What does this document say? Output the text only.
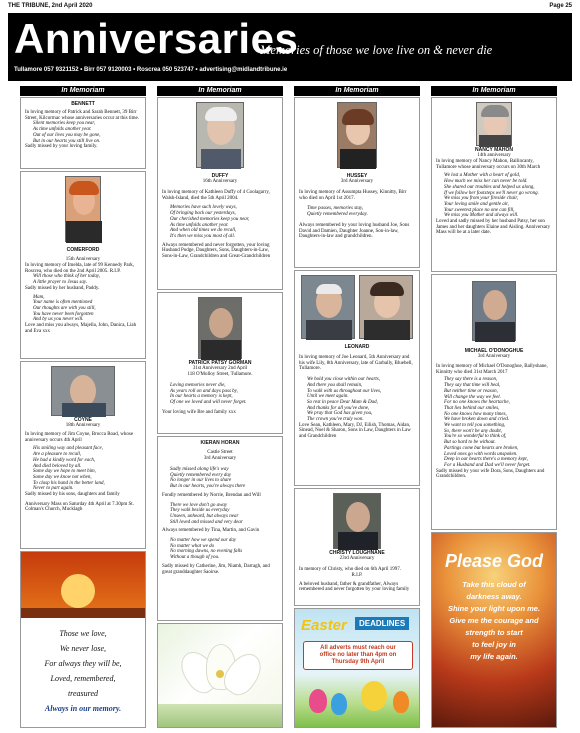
THE TRIBUNE, 2nd April 2020	Page 25
Anniversaries
Memories of those we love live on & never die
Tullamore 057 9321152 • Birr 057 9120003 • Roscrea 050 523747 • advertising@midlandtribune.ie
In Memoriam	In Memoriam	In Memoriam	In Memoriam
BENNETT
In loving memory of Patrick and Sarah Bennett, 39 Birr Street, Kilcormac whose anniversaries occur at this time.
Silent memories keep you near,
As time unfolds another year.
Out of our lives you may be gone,
But in our hearts you still live on.
Sadly missed by your loving family.
COMERFORD
15th Anniversary
In loving memory of Imelda, late of 99 Kennedy Park, Roscrea, who died on the 2nd April 2005. R.I.P.
Will those who think of her today,
A little prayer to Jesus say.
Sadly missed by her husband, Paddy.
Mam,
Your name is often mentioned
Our thoughts are with you still,
You have never been forgotten
And by us you never will.
Love and miss you always, Majella, John, Danica, Liah and Eva xxx
COYNE
18th Anniversary
In loving memory of Jim Coyne, Brocca Road, whose anniversary occurs 4th April
His smiling way and pleasant face,
Are a pleasure to recall,
He had a kindly word for each,
And died beloved by all.
Some day we hope to meet him,
Some day we know not when,
To clasp his hand in the better land,
Never to part again.
Sadly missed by his sons, daughters and family
Anniversary Mass on Saturday 4th April at 7.30pm St. Colman's Church, Mucklagh
Those we love,
We never lose,
For always they will be,
Loved, remembered,
treasured
Always in our memory.
DUFFY
16th Anniversary
In loving memory of Kathleen Duffy of 4 Coolagarry, Walsh-Island, died the 5th April 2004.
Memories have such lovely ways,
Of bringing back our yesterdays,
Our cherished memories keep you near,
As time unfolds another year.
And when old times we do recall,
It's then we miss you most of all.
Always remembered and never forgotten, your loving Husband Podge, Daughters, Sons, Daughters-in-Law, Sons-in-Law, Grandchildren and Great-Grandchildren
PATRICK PATSY GORMAN
31st Anniversary 2nd April
118 O'Molloy Street, Tullamore.
Loving memories never die,
As years roll on and days pass by,
In our hearts a memory is kept,
Of one we loved and will never forget.
Your loving wife Bre and family xxx
KIERAN HORAN
Castle Street
3rd Anniversary
Sadly missed along life's way
Quietly remembered every day
No longer in our lives to share
But in our hearts, you're always there
Fondly remembered by Norrie, Brendan and Will
There we love don't go away
They walk beside us everyday
Unseen, unheard, but always near
Still loved and missed and very dear
Always remembered by Tina, Martin, and Gavin
No matter how we spend our day
No matter what we do
No morning dawns, no evening falls
Without a though of you.
Sadly missed by Catherine, Jim, Niamh, Darragh, and great granddaughter Saoirse.
HUSSEY
3rd Anniversary
In loving memory of Assumpta Hussey, Kinnitty, Birr who died on April 1st 2017.
Time passes, memories stay,
Quietly remembered everyday.
Always remembered by your loving husband Joe, Sons David and Damien, Daughter Joanne, Son-in-law, Daughters-in-law and grandchildren.
LEONARD
In loving memory of Joe Leonard, 5th Anniversary and his wife Lily, 8th Anniversary, late of Garbally, Bluebell, Tullamore.
We hold you close within our hearts,
And there you shall remain,
To walk with us throughout our lives,
Until we meet again.
So rest in peace Dear Mam & Dad,
And thanks for all you've done,
We pray that God has given you,
The crown you've truly won.
Love Sean, Kathleen, Mary, DJ, Eilish, Thomas, Aidan, Sinead, Noel & Sharon, Sons in Law, Daughters in Law and Grandchildren
CHRISTY LOUGHNANE
23rd Anniversary
In memory of Christy, who died on 6th April 1997.
R.I.P.
A beloved husband, father & grandfather, Always remembered and never forgotten by your loving family
Easter	DEADLINES
All adverts must reach our
office no later than 4pm on
Thursday 9th April
NANCY MAHON
14th anniversary
In loving memory of Nancy Mahon, Ballincanty, Tullamore whose anniversary occurs on 30th March
We lost a Mother with a heart of gold,
How much we miss her can never be told.
She shared our troubles and helped us along,
If we follow her footsteps we'll never go wrong.
We miss you from your fireside chair,
Your loving smile and gentle air,
Your sweetest place no one can fill,
We miss you Mother and always will.
Loved and sadly missed by her husband Patsy, her son James and her daughters Elaine and Aisling. Anniversary Mass will be at a later date.
MICHAEL O'DONOGHUE
3rd Anniversary
In loving memory of Michael O'Donoghue, Ballyshane, Kinnitty who died 31st March 2017
They say there is a reason,
They say that time will heal,
But neither time or reason,
Will change the way we feel.
For no one knows the heartache,
That lies behind our smiles,
No one knows how many times,
We have broken down and cried.
We want to tell you something,
So, there won't be any doubt,
You're so wonderful to think of,
But so hard to be without.
Partings come but hearts are broken,
Loved ones go with words unspoken.
Deep in our hearts there's a memory kept,
For a Husband and Dad we'll never forget.
Sadly missed by your wife Dora, Sons, Daughters and Grandchildren.
Please God
Take this cloud of
darkness away.
Shine your light upon me.
Give me the courage and
strength to start
to feel joy in
my life again.
